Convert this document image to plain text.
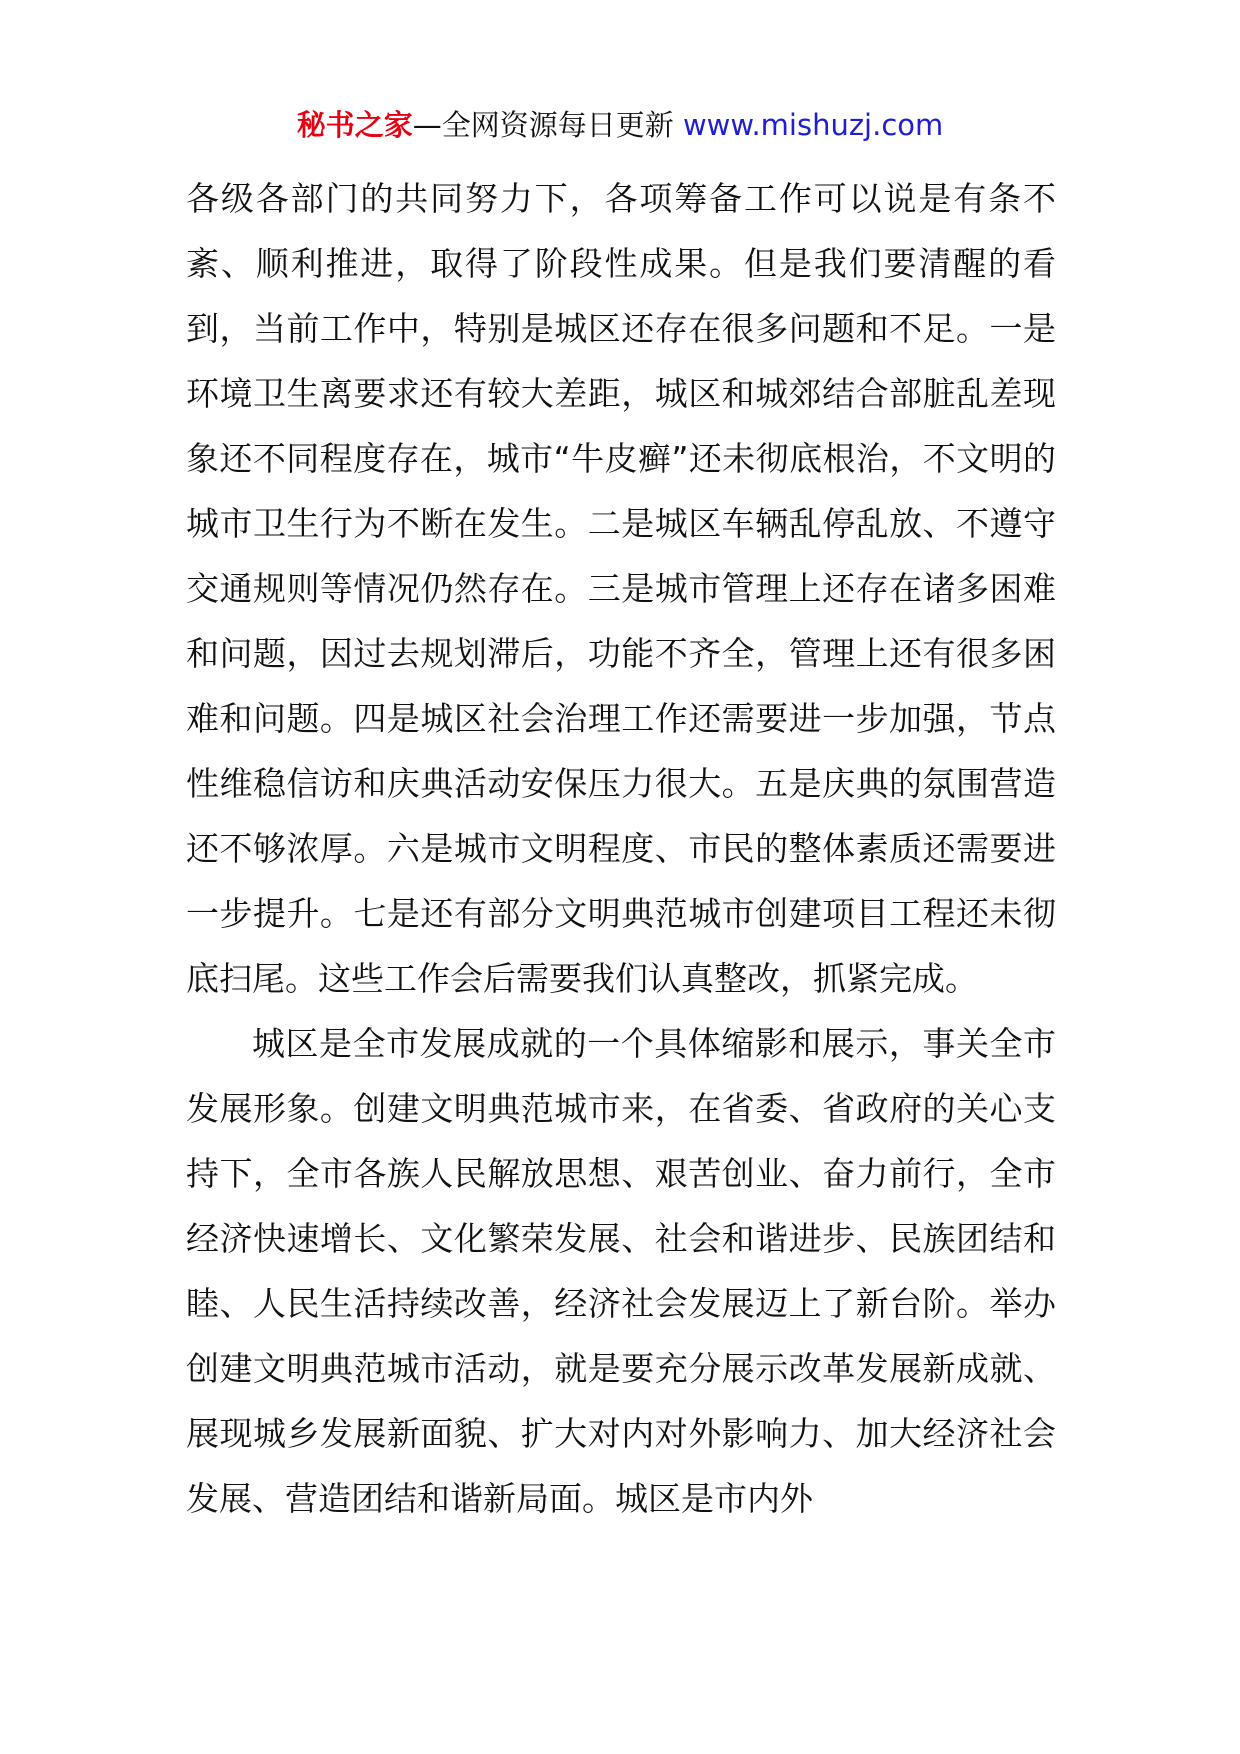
秘书之家—全网资源每日更新 www.mishuzj.com

各级各部门的共同努力下，各项筹备工作可以说是有条不紊、顺利推进，取得了阶段性成果。但是我们要清醒的看到，当前工作中，特别是城区还存在很多问题和不足。一是环境卫生离要求还有较大差距，城区和城郊结合部脏乱差现象还不同程度存在，城市“牛皮癣”还未彻底根治，不文明的城市卫生行为不断在发生。二是城区车辆乱停乱放、不遵守交通规则等情况仍然存在。三是城市管理上还存在诸多困难和问题，因过去规划滞后，功能不齐全，管理上还有很多困难和问题。四是城区社会治理工作还需要进一步加强，节点性维稳信访和庆典活动安保压力很大。五是庆典的氛围营造还不够浓厚。六是城市文明程度、市民的整体素质还需要进一步提升。七是还有部分文明典范城市创建项目工程还未彻底扫尾。这些工作会后需要我们认真整改，抓紧完成。

城区是全市发展成就的一个具体缩影和展示，事关全市发展形象。创建文明典范城市来，在省委、省政府的关心支持下，全市各族人民解放思想、艰苦创业、奋力前行，全市经济快速增长、文化繁荣发展、社会和谐进步、民族团结和睦、人民生活持续改善，经济社会发展迈上了新台阶。举办创建文明典范城市活动，就是要充分展示改革发展新成就、展现城乡发展新面貌、扩大对内对外影响力、加大经济社会发展、营造团结和谐新局面。城区是市内外
